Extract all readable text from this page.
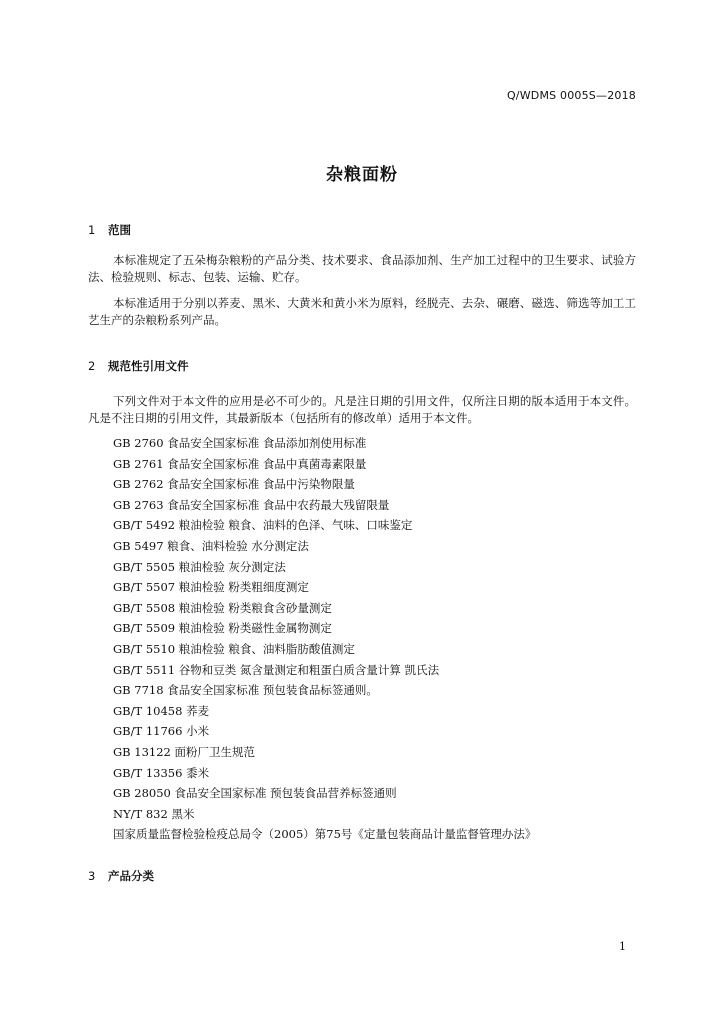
Q/WDMS 0005S—2018
杂粮面粉
1 范围

本标准规定了五朵梅杂粮粉的产品分类、技术要求、食品添加剂、生产加工过程中的卫生要求、试验方法、检验规则、标志、包装、运输、贮存。

本标准适用于分别以荞麦、黑米、大黄米和黄小米为原料，经脱壳、去杂、碾磨、磁选、筛选等加工工艺生产的杂粮粉系列产品。

2 规范性引用文件

下列文件对于本文件的应用是必不可少的。凡是注日期的引用文件，仅所注日期的版本适用于本文件。凡是不注日期的引用文件，其最新版本（包括所有的修改单）适用于本文件。

GB 2760 食品安全国家标准 食品添加剂使用标准
GB 2761 食品安全国家标准 食品中真菌毒素限量
GB 2762 食品安全国家标准 食品中污染物限量
GB 2763 食品安全国家标准 食品中农药最大残留限量
GB/T 5492 粮油检验 粮食、油料的色泽、气味、口味鉴定
GB 5497 粮食、油料检验 水分测定法
GB/T 5505 粮油检验 灰分测定法
GB/T 5507 粮油检验 粉类粗细度测定
GB/T 5508 粮油检验 粉类粮食含砂量测定
GB/T 5509 粮油检验 粉类磁性金属物测定
GB/T 5510 粮油检验 粮食、油料脂肪酸值测定
GB/T 5511 谷物和豆类 氮含量测定和粗蛋白质含量计算 凯氏法
GB 7718 食品安全国家标准 预包装食品标签通则。
GB/T 10458 荞麦
GB/T 11766 小米
GB 13122 面粉厂卫生规范
GB/T 13356 黍米
GB 28050 食品安全国家标准 预包装食品营养标签通则
NY/T 832 黑米
国家质量监督检验检疫总局令（2005）第75号《定量包装商品计量监督管理办法》
3 产品分类
1
